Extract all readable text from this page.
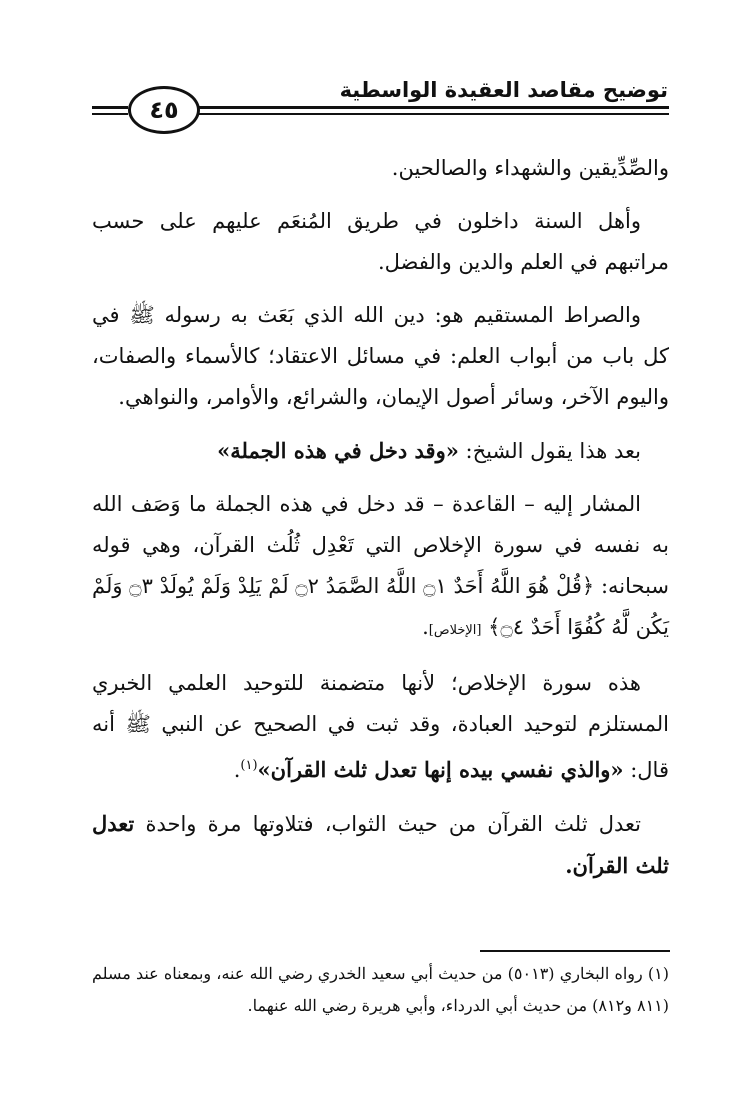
توضيح مقاصد العقيدة الواسطية
٤٥

والصِّدِّيقين والشهداء والصالحين.

وأهل السنة داخلون في طريق المُنعَم عليهم على حسب مراتبهم في العلم والدين والفضل.

والصراط المستقيم هو: دين الله الذي بَعَث به رسوله ﷺ في كل باب من أبواب العلم: في مسائل الاعتقاد؛ كالأسماء والصفات، واليوم الآخر، وسائر أصول الإيمان، والشرائع، والأوامر، والنواهي.

بعد هذا يقول الشيخ: «وقد دخل في هذه الجملة»

المشار إليه – القاعدة – قد دخل في هذه الجملة ما وَصَف الله به نفسه في سورة الإخلاص التي تَعْدِل ثُلُث القرآن، وهي قوله سبحانه: ﴿قُلْ هُوَ اللَّهُ أَحَدٌ ۝١ اللَّهُ الصَّمَدُ ۝٢ لَمْ يَلِدْ وَلَمْ يُولَدْ ۝٣ وَلَمْ يَكُن لَّهُ كُفُوًا أَحَدٌ ۝٤﴾ [الإخلاص].

هذه سورة الإخلاص؛ لأنها متضمنة للتوحيد العلمي الخبري المستلزم لتوحيد العبادة، وقد ثبت في الصحيح عن النبي ﷺ أنه قال: «والذي نفسي بيده إنها تعدل ثلث القرآن»$^{(١)}$.

تعدل ثلث القرآن من حيث الثواب، فتلاوتها مرة واحدة تعدل ثلث القرآن.

(١) رواه البخاري (٥٠١٣) من حديث أبي سعيد الخدري رضي الله عنه، وبمعناه عند مسلم (٨١١ و٨١٢) من حديث أبي الدرداء، وأبي هريرة رضي الله عنهما.
